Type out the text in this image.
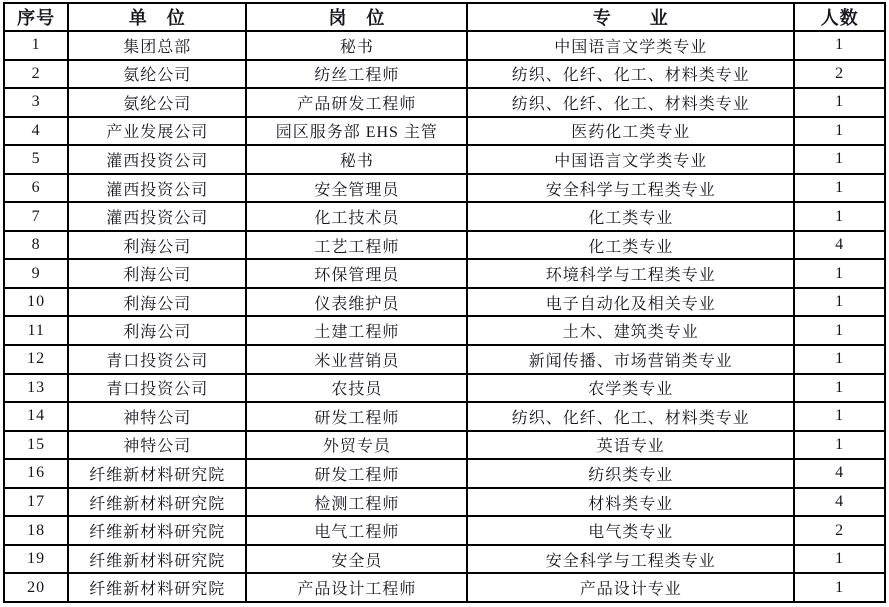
序号	单　位	岗　位	专　　业	人数
1	集团总部	秘书	中国语言文学类专业	1
2	氨纶公司	纺丝工程师	纺织、化纤、化工、材料类专业	2
3	氨纶公司	产品研发工程师	纺织、化纤、化工、材料类专业	1
4	产业发展公司	园区服务部 EHS 主管	医药化工类专业	1
5	灌西投资公司	秘书	中国语言文学类专业	1
6	灌西投资公司	安全管理员	安全科学与工程类专业	1
7	灌西投资公司	化工技术员	化工类专业	1
8	利海公司	工艺工程师	化工类专业	4
9	利海公司	环保管理员	环境科学与工程类专业	1
10	利海公司	仪表维护员	电子自动化及相关专业	1
11	利海公司	土建工程师	土木、建筑类专业	1
12	青口投资公司	米业营销员	新闻传播、市场营销类专业	1
13	青口投资公司	农技员	农学类专业	1
14	神特公司	研发工程师	纺织、化纤、化工、材料类专业	1
15	神特公司	外贸专员	英语专业	1
16	纤维新材料研究院	研发工程师	纺织类专业	4
17	纤维新材料研究院	检测工程师	材料类专业	4
18	纤维新材料研究院	电气工程师	电气类专业	2
19	纤维新材料研究院	安全员	安全科学与工程类专业	1
20	纤维新材料研究院	产品设计工程师	产品设计专业	1
